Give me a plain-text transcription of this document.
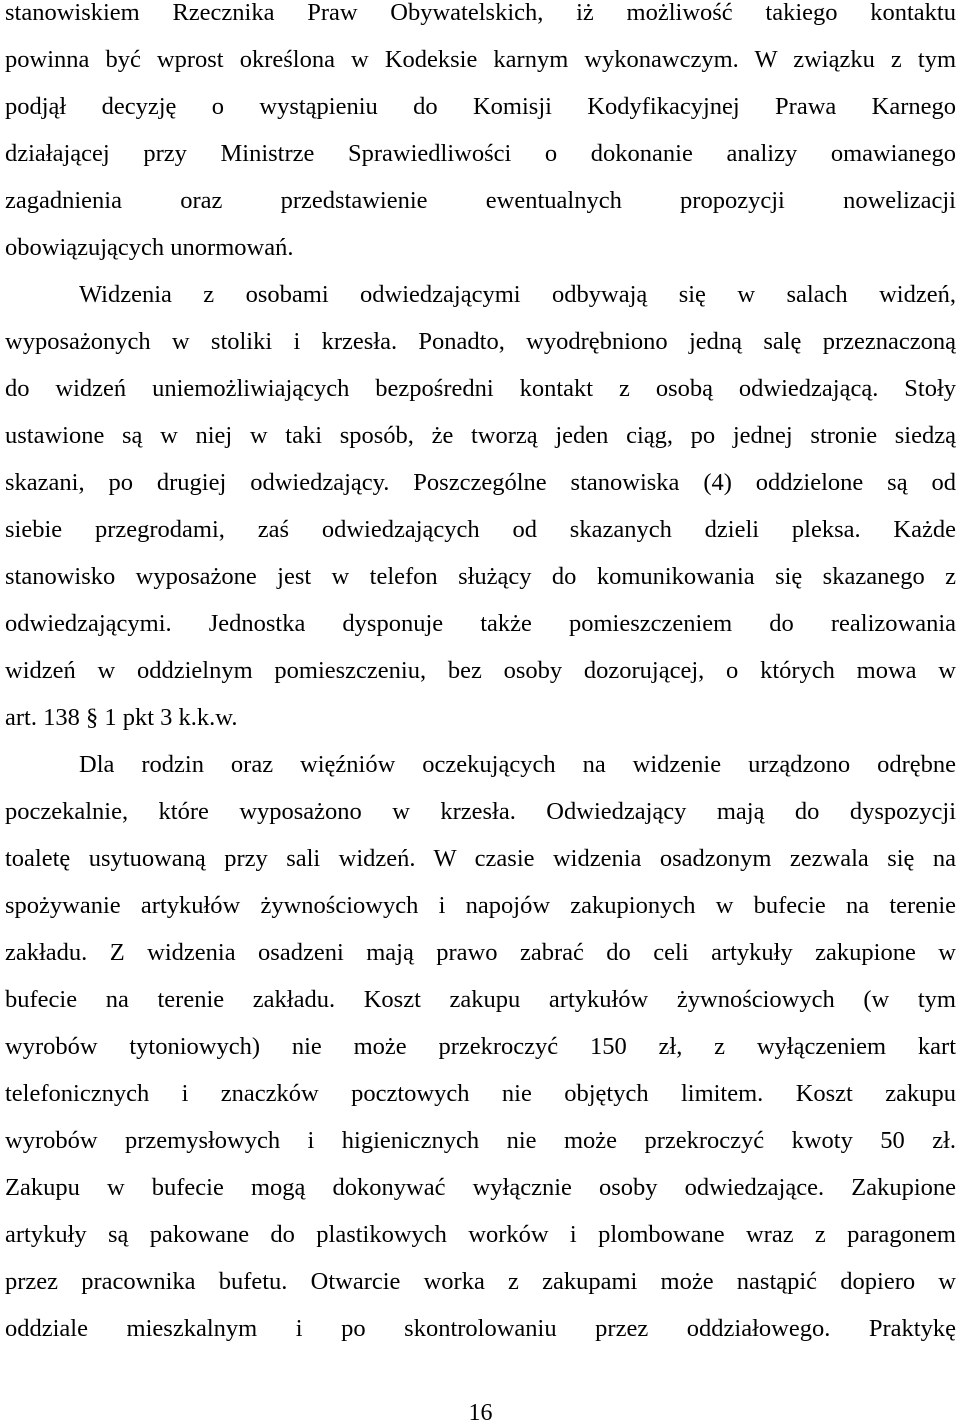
stanowiskiem Rzecznika Praw Obywatelskich, iż możliwość takiego kontaktu
powinna być wprost określona w Kodeksie karnym wykonawczym. W związku z tym
podjął decyzję o wystąpieniu do Komisji Kodyfikacyjnej Prawa Karnego
działającej przy Ministrze Sprawiedliwości o dokonanie analizy omawianego
zagadnienia oraz przedstawienie ewentualnych propozycji nowelizacji
obowiązujących unormowań.
Widzenia z osobami odwiedzającymi odbywają się w salach widzeń,
wyposażonych w stoliki i krzesła. Ponadto, wyodrębniono jedną salę przeznaczoną
do widzeń uniemożliwiających bezpośredni kontakt z osobą odwiedzającą. Stoły
ustawione są w niej w taki sposób, że tworzą jeden ciąg, po jednej stronie siedzą
skazani, po drugiej odwiedzający. Poszczególne stanowiska (4) oddzielone są od
siebie przegrodami, zaś odwiedzających od skazanych dzieli pleksa. Każde
stanowisko wyposażone jest w telefon służący do komunikowania się skazanego z
odwiedzającymi. Jednostka dysponuje także pomieszczeniem do realizowania
widzeń w oddzielnym pomieszczeniu, bez osoby dozorującej, o których mowa w
art. 138 § 1 pkt 3 k.k.w.
Dla rodzin oraz więźniów oczekujących na widzenie urządzono odrębne
poczekalnie, które wyposażono w krzesła. Odwiedzający mają do dyspozycji
toaletę usytuowaną przy sali widzeń. W czasie widzenia osadzonym zezwala się na
spożywanie artykułów żywnościowych i napojów zakupionych w bufecie na terenie
zakładu. Z widzenia osadzeni mają prawo zabrać do celi artykuły zakupione w
bufecie na terenie zakładu. Koszt zakupu artykułów żywnościowych (w tym
wyrobów tytoniowych) nie może przekroczyć 150 zł, z wyłączeniem kart
telefonicznych i znaczków pocztowych nie objętych limitem. Koszt zakupu
wyrobów przemysłowych i higienicznych nie może przekroczyć kwoty 50 zł.
Zakupu w bufecie mogą dokonywać wyłącznie osoby odwiedzające. Zakupione
artykuły są pakowane do plastikowych worków i plombowane wraz z paragonem
przez pracownika bufetu. Otwarcie worka z zakupami może nastąpić dopiero w
oddziale mieszkalnym i po skontrolowaniu przez oddziałowego. Praktykę
16
